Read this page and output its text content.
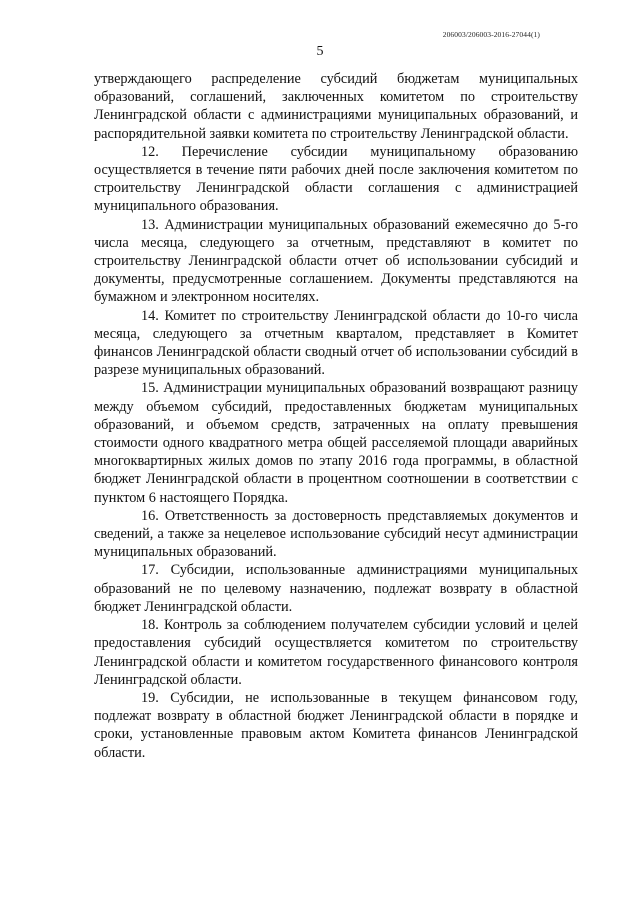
206003/206003-2016-27044(1)
5

утверждающего распределение субсидий бюджетам муниципальных образований, соглашений, заключенных комитетом по строительству Ленинградской области с администрациями муниципальных образований, и распорядительной заявки комитета по строительству Ленинградской области.

12. Перечисление субсидии муниципальному образованию осуществляется в течение пяти рабочих дней после заключения комитетом по строительству Ленинградской области соглашения с администрацией муниципального образования.

13. Администрации муниципальных образований ежемесячно до 5-го числа месяца, следующего за отчетным, представляют в комитет по строительству Ленинградской области отчет об использовании субсидий и документы, предусмотренные соглашением. Документы представляются на бумажном и электронном носителях.

14. Комитет по строительству Ленинградской области до 10-го числа месяца, следующего за отчетным кварталом, представляет в Комитет финансов Ленинградской области сводный отчет об использовании субсидий в разрезе муниципальных образований.

15. Администрации муниципальных образований возвращают разницу между объемом субсидий, предоставленных бюджетам муниципальных образований, и объемом средств, затраченных на оплату превышения стоимости одного квадратного метра общей расселяемой площади аварийных многоквартирных жилых домов по этапу 2016 года программы, в областной бюджет Ленинградской области в процентном соотношении в соответствии с пунктом 6 настоящего Порядка.

16. Ответственность за достоверность представляемых документов и сведений, а также за нецелевое использование субсидий несут администрации муниципальных образований.

17. Субсидии, использованные администрациями муниципальных образований не по целевому назначению, подлежат возврату в областной бюджет Ленинградской области.

18. Контроль за соблюдением получателем субсидии условий и целей предоставления субсидий осуществляется комитетом по строительству Ленинградской области и комитетом государственного финансового контроля Ленинградской области.

19. Субсидии, не использованные в текущем финансовом году, подлежат возврату в областной бюджет Ленинградской области в порядке и сроки, установленные правовым актом Комитета финансов Ленинградской области.
